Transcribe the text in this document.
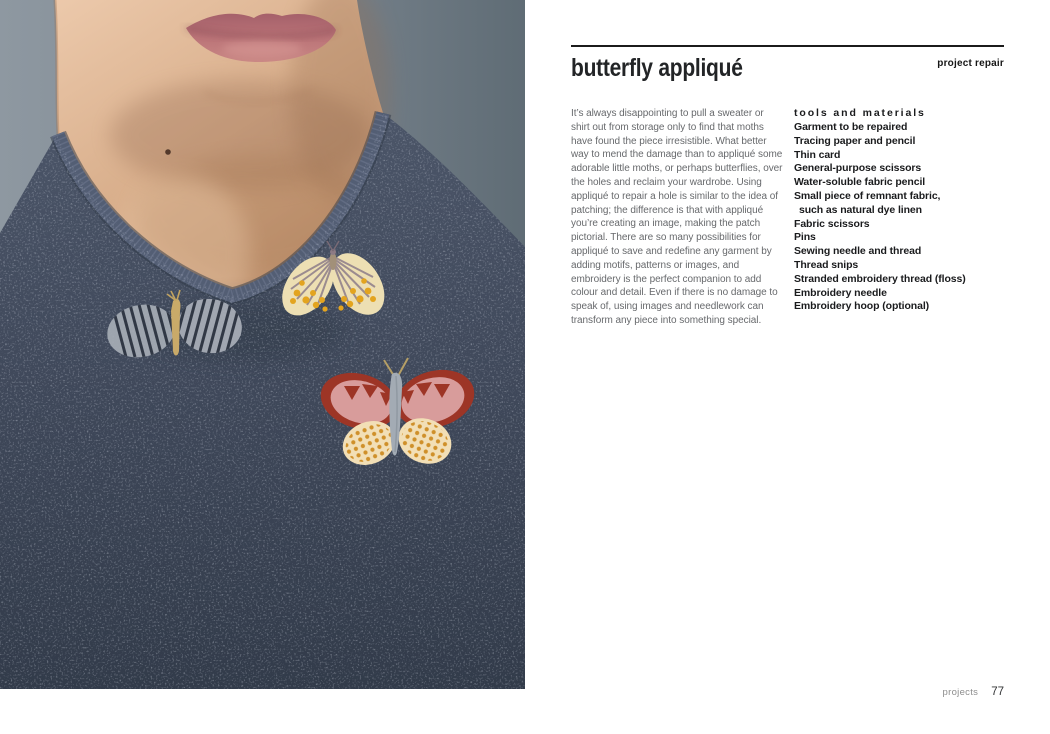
project repair
butterfly appliqué

It’s always disappointing to pull a sweater or shirt out from storage only to find that moths have found the piece irresistible. What better way to mend the damage than to appliqué some adorable little moths, or perhaps butterflies, over the holes and reclaim your wardrobe. Using appliqué to repair a hole is similar to the idea of patching; the difference is that with appliqué you’re creating an image, making the patch pictorial. There are so many possibilities for appliqué to save and redefine any garment by adding motifs, patterns or images, and embroidery is the perfect companion to add colour and detail. Even if there is no damage to speak of, using images and needlework can transform any piece into something special.

tools and materials
Garment to be repaired
Tracing paper and pencil
Thin card
General-purpose scissors
Water-soluble fabric pencil
Small piece of remnant fabric,
such as natural dye linen
Fabric scissors
Pins
Sewing needle and thread
Thread snips
Stranded embroidery thread (floss)
Embroidery needle
Embroidery hoop (optional)
projects 77
